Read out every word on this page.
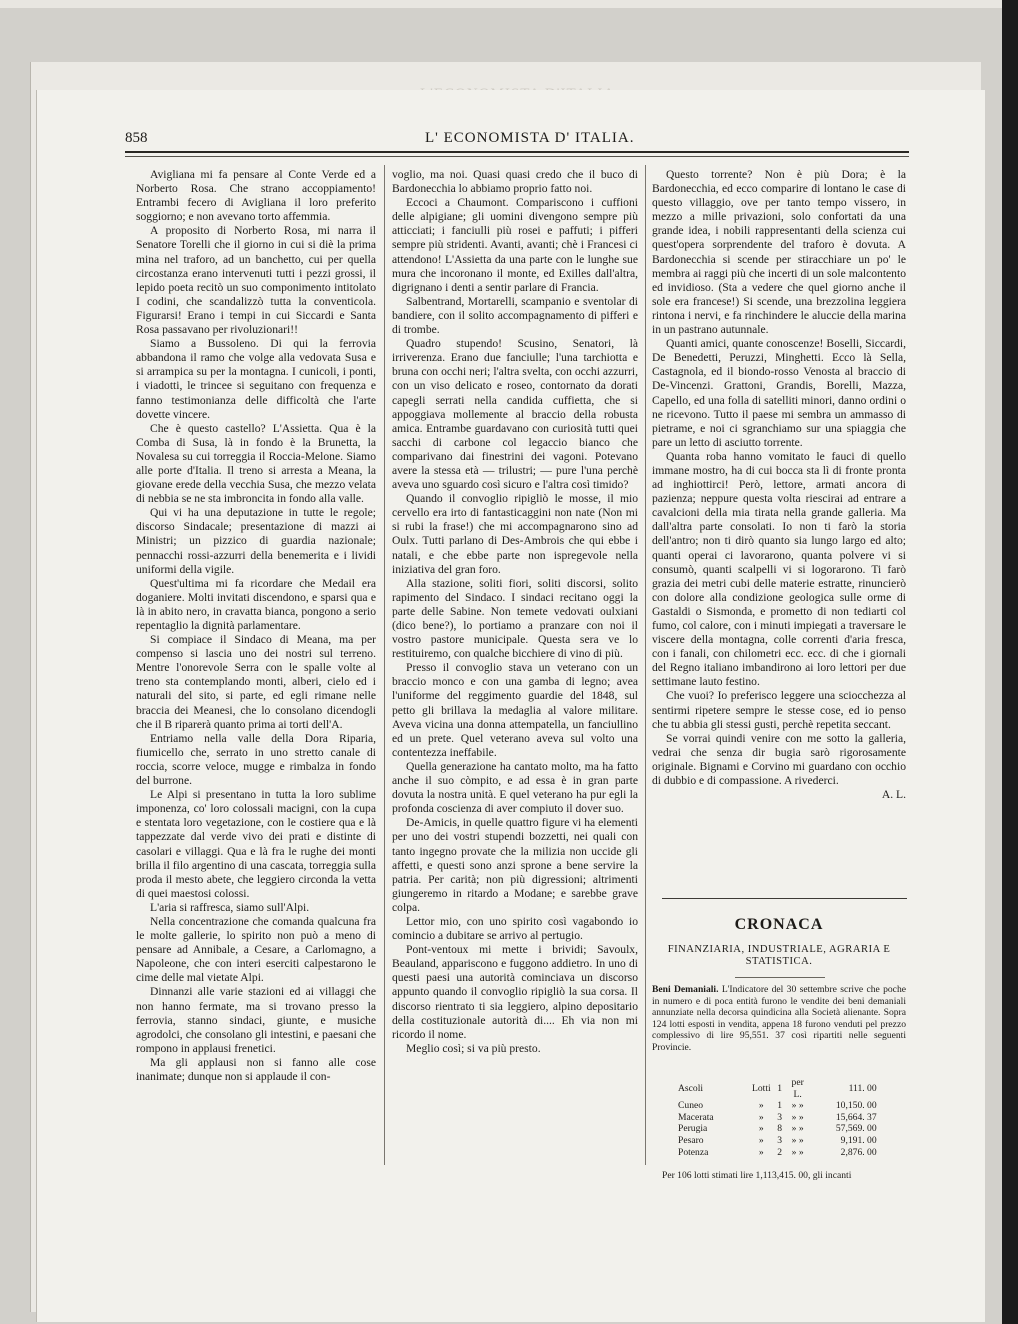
858	L' ECONOMISTA D' ITALIA.

Avigliana mi fa pensare al Conte Verde ed a Norberto Rosa. Che strano accoppiamento! Entrambi fecero di Avigliana il loro preferito soggiorno; e non avevano torto affemmia.

A proposito di Norberto Rosa, mi narra il Senatore Torelli che il giorno in cui si diè la prima mina nel traforo, ad un banchetto, cui per quella circostanza erano intervenuti tutti i pezzi grossi, il lepido poeta recitò un suo componimento intitolato I codini, che scandalizzò tutta la conventicola. Figurarsi! Erano i tempi in cui Siccardi e Santa Rosa passavano per rivoluzionari!!

Siamo a Bussoleno. Di qui la ferrovia abbandona il ramo che volge alla vedovata Susa e si arrampica su per la montagna. I cunicoli, i ponti, i viadotti, le trincee si seguitano con frequenza e fanno testimonianza delle difficoltà che l'arte dovette vincere.

Che è questo castello? L'Assietta. Qua è la Comba di Susa, là in fondo è la Brunetta, la Novalesa su cui torreggia il Roccia-Melone. Siamo alle porte d'Italia. Il treno si arresta a Meana, la giovane erede della vecchia Susa, che mezzo velata di nebbia se ne sta imbroncita in fondo alla valle.

Qui vi ha una deputazione in tutte le regole; discorso Sindacale; presentazione di mazzi ai Ministri; un pizzico di guardia nazionale; pennacchi rossi-azzurri della benemerita e i lividi uniformi della vigile.

Quest'ultima mi fa ricordare che Medail era doganiere. Molti invitati discendono, e sparsi qua e là in abito nero, in cravatta bianca, pongono a serio repentaglio la dignità parlamentare.

Si compiace il Sindaco di Meana, ma per compenso si lascia uno dei nostri sul terreno. Mentre l'onorevole Serra con le spalle volte al treno sta contemplando monti, alberi, cielo ed i naturali del sito, si parte, ed egli rimane nelle braccia dei Meanesi, che lo consolano dicendogli che il B riparerà quanto prima ai torti dell'A.

Entriamo nella valle della Dora Riparia, fiumicello che, serrato in uno stretto canale di roccia, scorre veloce, mugge e rimbalza in fondo del burrone.

Le Alpi si presentano in tutta la loro sublime imponenza, co' loro colossali macigni, con la cupa e stentata loro vegetazione, con le costiere qua e là tappezzate dal verde vivo dei prati e distinte di casolari e villaggi. Qua e là fra le rughe dei monti brilla il filo argentino di una cascata, torreggia sulla proda il mesto abete, che leggiero circonda la vetta di quei maestosi colossi.

L'aria si raffresca, siamo sull'Alpi.

Nella concentrazione che comanda qualcuna fra le molte gallerie, lo spirito non può a meno di pensare ad Annibale, a Cesare, a Carlomagno, a Napoleone, che con interi eserciti calpestarono le cime delle mal vietate Alpi.

Dinnanzi alle varie stazioni ed ai villaggi che non hanno fermate, ma si trovano presso la ferrovia, stanno sindaci, giunte, e musiche agrodolci, che consolano gli intestini, e paesani che rompono in applausi frenetici.

Ma gli applausi non si fanno alle cose inanimate; dunque non si applaude il con-

voglio, ma noi. Quasi quasi credo che il buco di Bardonecchia lo abbiamo proprio fatto noi.

Eccoci a Chaumont. Compariscono i cuffioni delle alpigiane; gli uomini divengono sempre più atticciati; i fanciulli più rosei e paffuti; i pifferi sempre più stridenti. Avanti, avanti; chè i Francesi ci attendono! L'Assietta da una parte con le lunghe sue mura che incoronano il monte, ed Exilles dall'altra, digrignano i denti a sentir parlare di Francia.

Salbentrand, Mortarelli, scampanio e sventolar di bandiere, con il solito accompagnamento di pifferi e di trombe.

Quadro stupendo! Scusino, Senatori, là irriverenza. Erano due fanciulle; l'una tarchiotta e bruna con occhi neri; l'altra svelta, con occhi azzurri, con un viso delicato e roseo, contornato da dorati capegli serrati nella candida cuffietta, che si appoggiava mollemente al braccio della robusta amica. Entrambe guardavano con curiosità tutti quei sacchi di carbone col legaccio bianco che comparivano dai finestrini dei vagoni. Potevano avere la stessa età — trilustri; — pure l'una perchè aveva uno sguardo così sicuro e l'altra così timido?

Quando il convoglio ripigliò le mosse, il mio cervello era irto di fantasticaggini non nate (Non mi si rubi la frase!) che mi accompagnarono sino ad Oulx. Tutti parlano di Des-Ambrois che qui ebbe i natali, e che ebbe parte non ispregevole nella iniziativa del gran foro.

Alla stazione, soliti fiori, soliti discorsi, solito rapimento del Sindaco. I sindaci recitano oggi la parte delle Sabine. Non temete vedovati oulxiani (dico bene?), lo portiamo a pranzare con noi il vostro pastore municipale. Questa sera ve lo restituiremo, con qualche bicchiere di vino di più.

Presso il convoglio stava un veterano con un braccio monco e con una gamba di legno; avea l'uniforme del reggimento guardie del 1848, sul petto gli brillava la medaglia al valore militare. Aveva vicina una donna attempatella, un fanciullino ed un prete. Quel veterano aveva sul volto una contentezza ineffabile.

Quella generazione ha cantato molto, ma ha fatto anche il suo còmpito, e ad essa è in gran parte dovuta la nostra unità. E quel veterano ha pur egli la profonda coscienza di aver compiuto il dover suo.

De-Amicis, in quelle quattro figure vi ha elementi per uno dei vostri stupendi bozzetti, nei quali con tanto ingegno provate che la milizia non uccide gli affetti, e questi sono anzi sprone a bene servire la patria. Per carità; non più digressioni; altrimenti giungeremo in ritardo a Modane; e sarebbe grave colpa.

Lettor mio, con uno spirito così vagabondo io comincio a dubitare se arrivo al pertugio.

Pont-ventoux mi mette i brividi; Savoulx, Beauland, appariscono e fuggono addietro. In uno di questi paesi una autorità cominciava un discorso appunto quando il convoglio ripigliò la sua corsa. Il discorso rientrato ti sia leggiero, alpino depositario della costituzionale autorità di.... Eh via non mi ricordo il nome.

Meglio così; si va più presto.

Questo torrente? Non è più Dora; è la Bardonecchia, ed ecco comparire di lontano le case di questo villaggio, ove per tanto tempo vissero, in mezzo a mille privazioni, solo confortati da una grande idea, i nobili rappresentanti della scienza cui quest'opera sorprendente del traforo è dovuta. A Bardonecchia si scende per stiracchiare un po' le membra ai raggi più che incerti di un sole malcontento ed invidioso. (Sta a vedere che quel giorno anche il sole era francese!) Si scende, una brezzolina leggiera rintona i nervi, e fa rinchindere le aluccie della marina in un pastrano autunnale.

Quanti amici, quante conoscenze! Boselli, Siccardi, De Benedetti, Peruzzi, Minghetti. Ecco là Sella, Castagnola, ed il biondo-rosso Venosta al braccio di De-Vincenzi. Grattoni, Grandis, Borelli, Mazza, Capello, ed una folla di satelliti minori, danno ordini o ne ricevono. Tutto il paese mi sembra un ammasso di pietrame, e noi ci sgranchiamo sur una spiaggia che pare un letto di asciutto torrente.

Quanta roba hanno vomitato le fauci di quello immane mostro, ha di cui bocca sta lì di fronte pronta ad inghiottirci! Però, lettore, armati ancora di pazienza; neppure questa volta riescirai ad entrare a cavalcioni della mia tirata nella grande galleria. Ma dall'altra parte consolati. Io non ti farò la storia dell'antro; non ti dirò quanto sia lungo largo ed alto; quanti operai ci lavorarono, quanta polvere vi si consumò, quanti scalpelli vi si logorarono. Ti farò grazia dei metri cubi delle materie estratte, rinuncierò con dolore alla condizione geologica sulle orme di Gastaldi o Sismonda, e prometto di non tediarti col fumo, col calore, con i minuti impiegati a traversare le viscere della montagna, colle correnti d'aria fresca, con i fanali, con chilometri ecc. ecc. di che i giornali del Regno italiano imbandirono ai loro lettori per due settimane lauto festino.

Che vuoi? Io preferisco leggere una sciocchezza al sentirmi ripetere sempre le stesse cose, ed io penso che tu abbia gli stessi gusti, perchè repetita seccant.

Se vorrai quindi venire con me sotto la galleria, vedrai che senza dir bugia sarò rigorosamente originale. Bignami e Corvino mi guardano con occhio di dubbio e di compassione. A rivederci.

A. L.

CRONACA
FINANZIARIA, INDUSTRIALE, AGRARIA E STATISTICA.
Beni Demaniali. L'Indicatore del 30 settembre scrive che poche in numero e di poca entità furono le vendite dei beni demaniali annunziate nella decorsa quindicina alla Società alienante. Sopra 124 lotti esposti in vendita, appena 18 furono venduti pel prezzo complessivo di lire 95,551. 37 così ripartiti nelle seguenti Provincie.
Ascoli	Lotti	1	per L.	111. 00
Cuneo	»	1	» »	10,150. 00
Macerata	»	3	» »	15,664. 37
Perugia	»	8	» »	57,569. 00
Pesaro	»	3	» »	9,191. 00
Potenza	»	2	» »	2,876. 00
Per 106 lotti stimati lire 1,113,415. 00, gli incanti
